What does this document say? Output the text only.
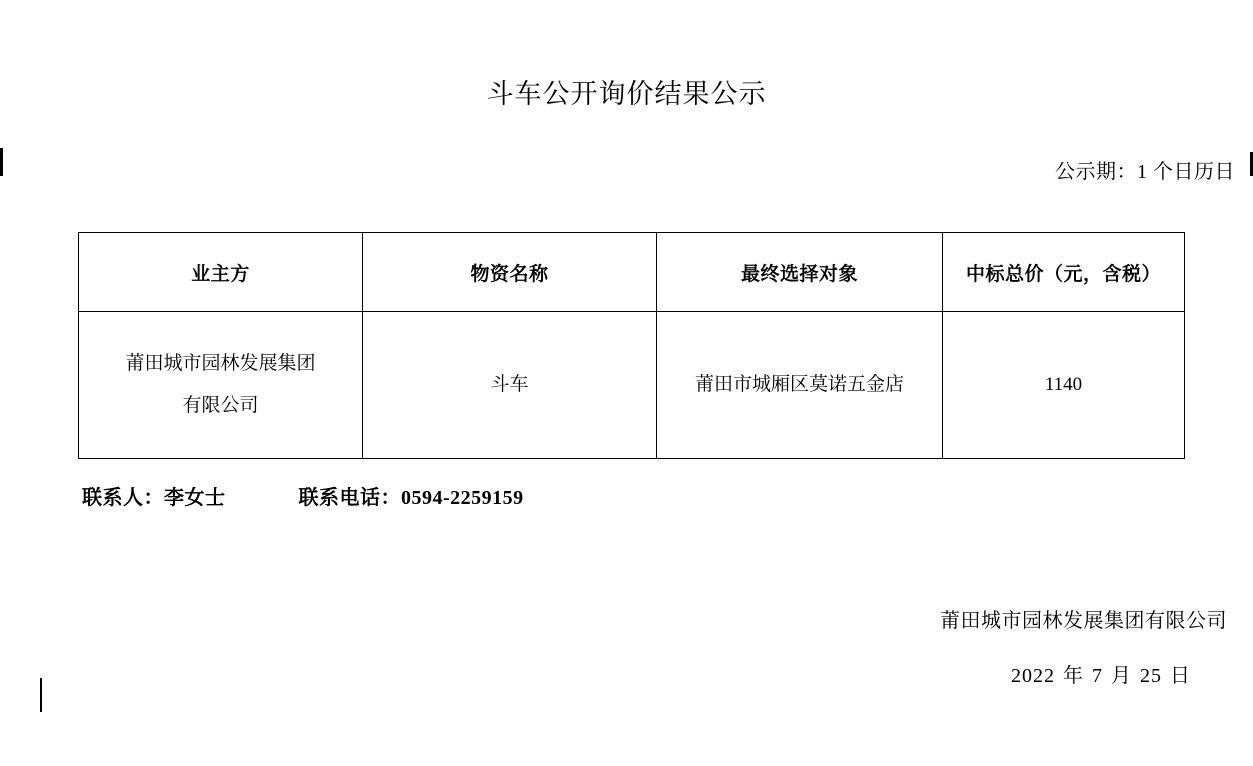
斗车公开询价结果公示

公示期：1 个日历日

业主方	物资名称	最终选择对象	中标总价（元，含税）

莆田城市园林发展集团
有限公司	斗车	莆田市城厢区莫诺五金店	1140
联系人：李女士	联系电话：0594-2259159
莆田城市园林发展集团有限公司
2022 年 7 月 25 日
